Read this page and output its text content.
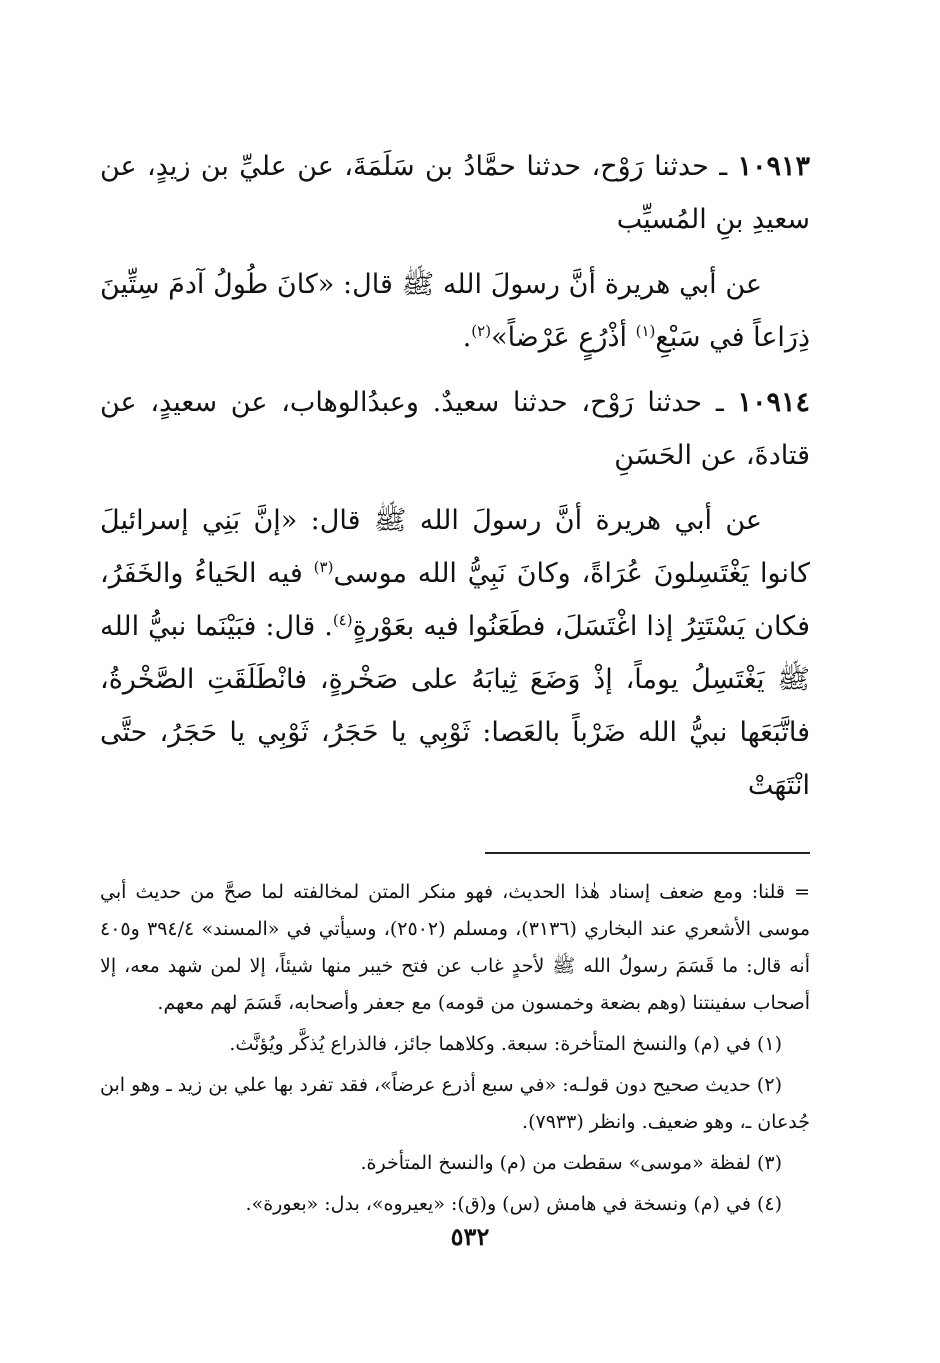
١٠٩١٣ ـ حدثنا رَوْح، حدثنا حمَّادُ بن سَلَمَةَ، عن عليِّ بن زيدٍ، عن سعيدِ بنِ المُسيِّب

عن أبي هريرة أنَّ رسولَ الله ﷺ قال: «كانَ طُولُ آدمَ سِتِّينَ ذِرَاعاً في سَبْعِ$^{(١)}$ أذْرُعٍ عَرْضاً»$^{(٢)}$.

١٠٩١٤ ـ حدثنا رَوْح، حدثنا سعيدٌ. وعبدُالوهاب، عن سعيدٍ، عن قتادةَ، عن الحَسَنِ

عن أبي هريرة أنَّ رسولَ الله ﷺ قال: «إنَّ بَنِي إسرائيلَ كانوا يَغْتَسِلونَ عُرَاةً، وكانَ نَبِيُّ الله موسى$^{(٣)}$ فيه الحَياءُ والخَفَرُ، فكان يَسْتَتِرُ إذا اغْتَسَلَ، فطَعَنُوا فيه بعَوْرةٍ$^{(٤)}$. قال: فبَيْنَما نبيُّ الله ﷺ يَغْتَسِلُ يوماً، إذْ وَضَعَ ثِيابَهُ على صَخْرةٍ، فانْطَلَقَتِ الصَّخْرةُ، فاتَّبَعَها نبيُّ الله ضَرْباً بالعَصا: ثَوْبِي يا حَجَرُ، ثَوْبِي يا حَجَرُ، حتَّى انْتَهَتْ

= قلنا: ومع ضعف إسناد هٰذا الحديث، فهو منكر المتن لمخالفته لما صحَّ من حديث أبي موسى الأشعري عند البخاري (٣١٣٦)، ومسلم (٢٥٠٢)، وسيأتي في «المسند» ٣٩٤/٤ و٤٠٥ أنه قال: ما قَسَمَ رسولُ الله ﷺ لأحدٍ غاب عن فتح خيبر منها شيئاً، إلا لمن شهد معه، إلا أصحاب سفينتنا (وهم بضعة وخمسون من قومه) مع جعفر وأصحابه، قَسَمَ لهم معهم.

(١) في (م) والنسخ المتأخرة: سبعة. وكلاهما جائز، فالذراع يُذكَّر ويُؤنَّث.

(٢) حديث صحيح دون قولـه: «في سبع أذرع عرضاً»، فقد تفرد بها علي بن زيد ـ وهو ابن جُدعان ـ، وهو ضعيف. وانظر (٧٩٣٣).

(٣) لفظة «موسى» سقطت من (م) والنسخ المتأخرة.

(٤) في (م) ونسخة في هامش (س) و(ق): «يعيروه»، بدل: «بعورة».

٥٣٢
